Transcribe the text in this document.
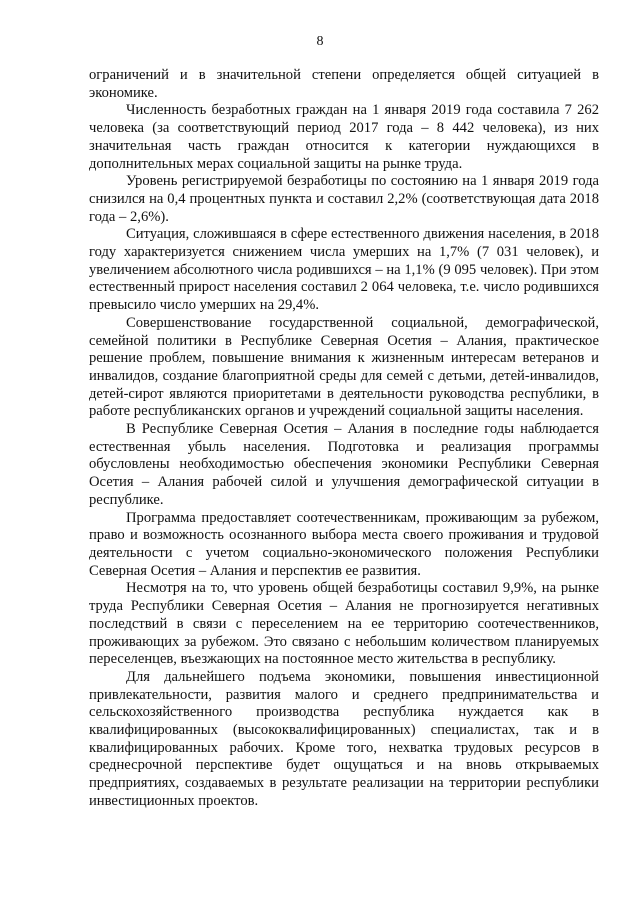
8

ограничений и в значительной степени определяется общей ситуацией в экономике.

Численность безработных граждан на 1 января 2019 года составила 7 262 человека (за соответствующий период 2017 года – 8 442 человека), из них значительная часть граждан относится к категории нуждающихся в дополнительных мерах социальной защиты на рынке труда.

Уровень регистрируемой безработицы по состоянию на 1 января 2019 года снизился на 0,4 процентных пункта и составил 2,2% (соответствующая дата 2018 года – 2,6%).

Ситуация, сложившаяся в сфере естественного движения населения, в 2018 году характеризуется снижением числа умерших на 1,7% (7 031 человек), и увеличением абсолютного числа родившихся – на 1,1% (9 095 человек). При этом естественный прирост населения составил 2 064 человека, т.е. число родившихся превысило число умерших на 29,4%.

Совершенствование государственной социальной, демографической, семейной политики в Республике Северная Осетия – Алания, практическое решение проблем, повышение внимания к жизненным интересам ветеранов и инвалидов, создание благоприятной среды для семей с детьми, детей-инвалидов, детей-сирот являются приоритетами в деятельности руководства республики, в работе республиканских органов и учреждений социальной защиты населения.

В Республике Северная Осетия – Алания в последние годы наблюдается естественная убыль населения. Подготовка и реализация программы обусловлены необходимостью обеспечения экономики Республики Северная Осетия – Алания рабочей силой и улучшения демографической ситуации в республике.

Программа предоставляет соотечественникам, проживающим за рубежом, право и возможность осознанного выбора места своего проживания и трудовой деятельности с учетом социально-экономического положения Республики Северная Осетия – Алания и перспектив ее развития.

Несмотря на то, что уровень общей безработицы составил 9,9%, на рынке труда Республики Северная Осетия – Алания не прогнозируется негативных последствий в связи с переселением на ее территорию соотечественников, проживающих за рубежом. Это связано с небольшим количеством планируемых переселенцев, въезжающих на постоянное место жительства в республику.

Для дальнейшего подъема экономики, повышения инвестиционной привлекательности, развития малого и среднего предпринимательства и сельскохозяйственного производства республика нуждается как в квалифицированных (высококвалифицированных) специалистах, так и в квалифицированных рабочих. Кроме того, нехватка трудовых ресурсов в среднесрочной перспективе будет ощущаться и на вновь открываемых предприятиях, создаваемых в результате реализации на территории республики инвестиционных проектов.
